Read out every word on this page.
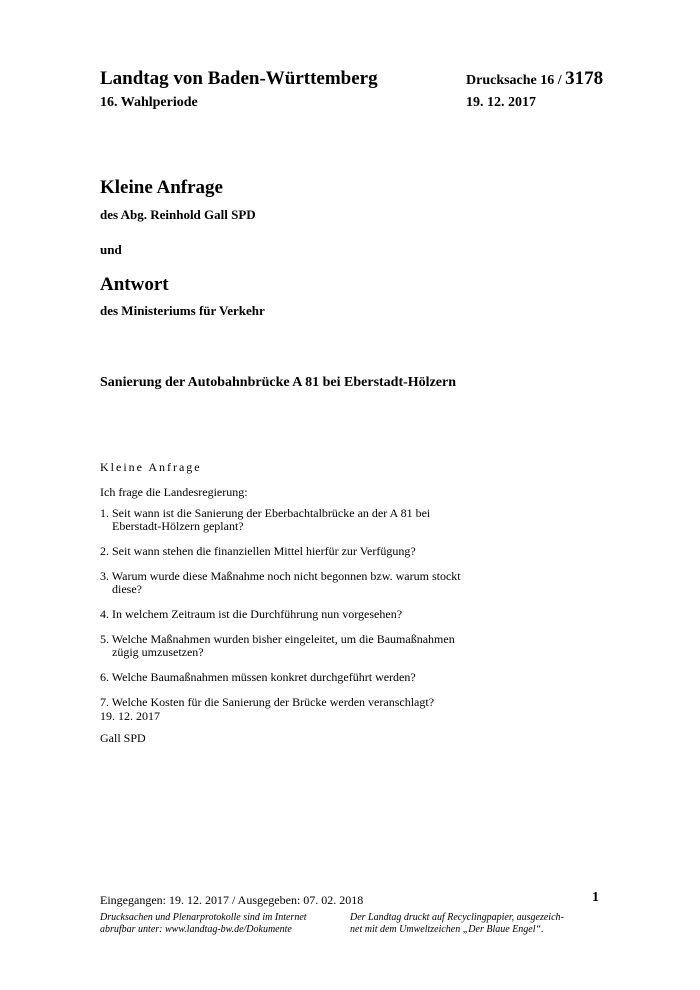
Landtag von Baden-Württemberg
16. Wahlperiode
Drucksache 16 / 3178
19. 12. 2017
Kleine Anfrage
des Abg. Reinhold Gall SPD
und
Antwort
des Ministeriums für Verkehr
Sanierung der Autobahnbrücke A 81 bei Eberstadt-Hölzern
Kleine Anfrage
Ich frage die Landesregierung:
1. Seit wann ist die Sanierung der Eberbachtalbrücke an der A 81 bei Eberstadt-Hölzern geplant?
2. Seit wann stehen die finanziellen Mittel hierfür zur Verfügung?
3. Warum wurde diese Maßnahme noch nicht begonnen bzw. warum stockt diese?
4. In welchem Zeitraum ist die Durchführung nun vorgesehen?
5. Welche Maßnahmen wurden bisher eingeleitet, um die Baumaßnahmen zügig umzusetzen?
6. Welche Baumaßnahmen müssen konkret durchgeführt werden?
7. Welche Kosten für die Sanierung der Brücke werden veranschlagt?
19. 12. 2017
Gall SPD
Eingegangen: 19. 12. 2017 / Ausgegeben: 07. 02. 2018	1
Drucksachen und Plenarprotokolle sind im Internet
abrufbar unter: www.landtag-bw.de/Dokumente
Der Landtag druckt auf Recyclingpapier, ausgezeich-
net mit dem Umweltzeichen „Der Blaue Engel“.
